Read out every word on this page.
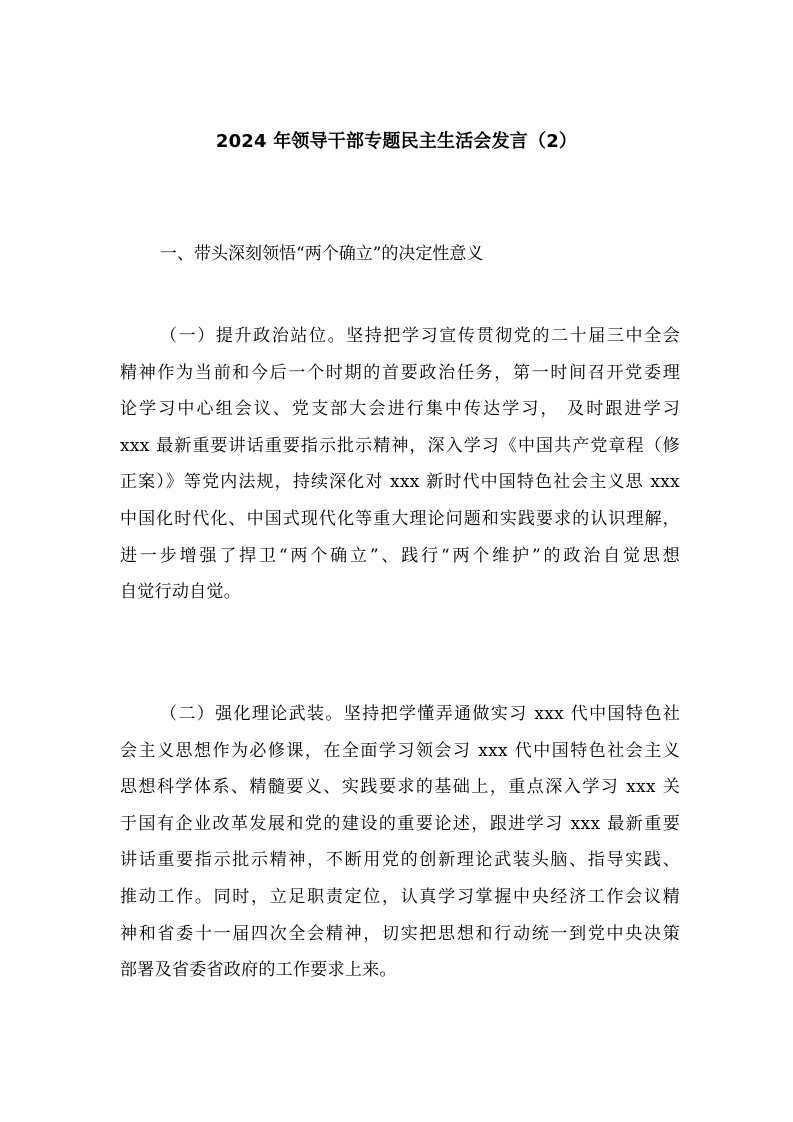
2024 年领导干部专题民主生活会发言（2）
一、带头深刻领悟“两个确立”的决定性意义
（一）提升政治站位。坚持把学习宣传贯彻党的二十届三中全会
精神作为当前和今后一个时期的首要政治任务，第一时间召开党委理
论学习中心组会议、党支部大会进行集中传达学习， 及时跟进学习
xxx 最新重要讲话重要指示批示精神，深入学习《中国共产党章程（修
正案）》等党内法规，持续深化对 xxx 新时代中国特色社会主义思 xxx
中国化时代化、中国式现代化等重大理论问题和实践要求的认识理解，
进一步增强了捍卫“两个确立”、践行“两个维护”的政治自觉思想
自觉行动自觉。
（二）强化理论武装。坚持把学懂弄通做实习 xxx 代中国特色社
会主义思想作为必修课，在全面学习领会习 xxx 代中国特色社会主义
思想科学体系、精髓要义、实践要求的基础上，重点深入学习 xxx 关
于国有企业改革发展和党的建设的重要论述，跟进学习 xxx 最新重要
讲话重要指示批示精神，不断用党的创新理论武装头脑、指导实践、
推动工作。同时，立足职责定位，认真学习掌握中央经济工作会议精
神和省委十一届四次全会精神，切实把思想和行动统一到党中央决策
部署及省委省政府的工作要求上来。
